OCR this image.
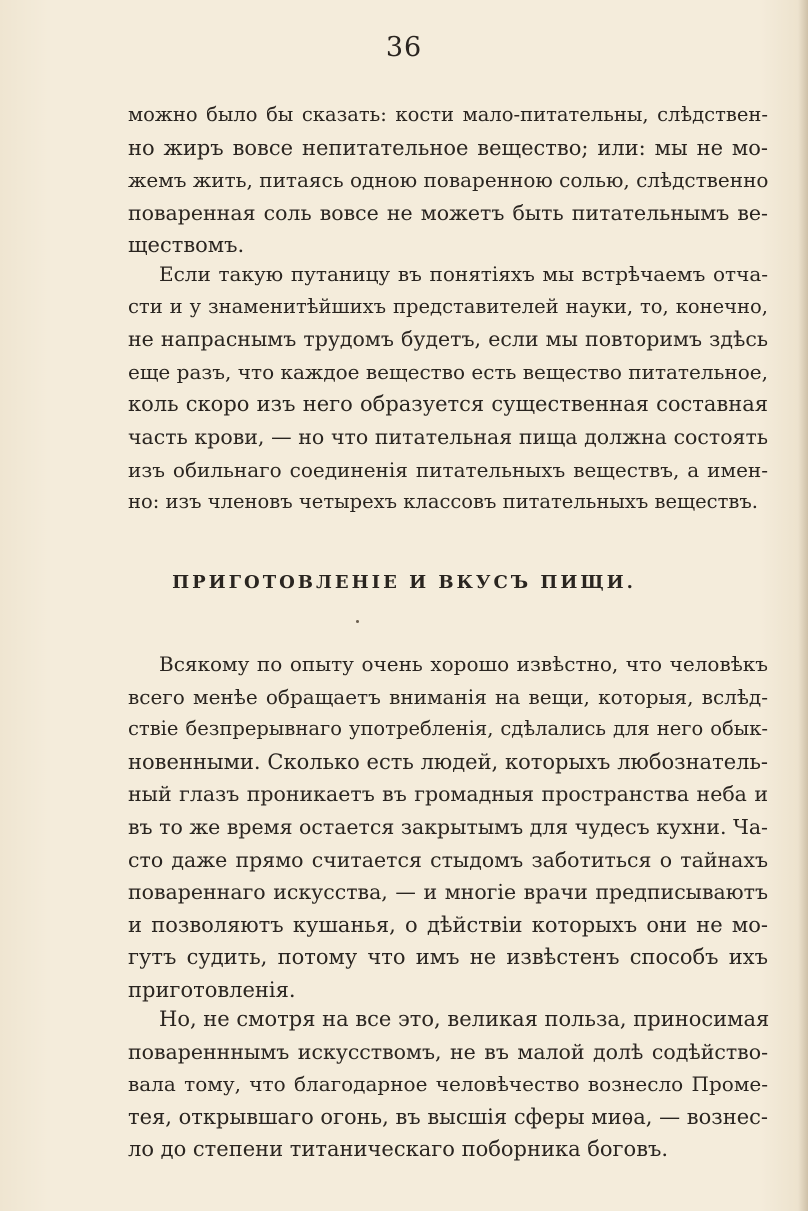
36
можно было бы сказать: кости мало-питательны, слѣдствен-
но жиръ вовсе непитательное вещество; или: мы не мо-
жемъ жить, питаясь одною поваренною солью, слѣдственно
поваренная соль вовсе не можетъ быть питательнымъ ве-
ществомъ.
Если такую путаницу въ понятіяхъ мы встрѣчаемъ отча-
сти и у знаменитѣйшихъ представителей науки, то, конечно,
не напраснымъ трудомъ будетъ, если мы повторимъ здѣсь
еще разъ, что каждое вещество есть вещество питательное,
коль скоро изъ него образуется существенная составная
часть крови, — но что питательная пища должна состоять
изъ обильнаго соединенія питательныхъ веществъ, а имен-
но: изъ членовъ четырехъ классовъ питательныхъ веществъ.
ПРИГОТОВЛЕНІЕ И ВКУСЪ ПИЩИ.
Всякому по опыту очень хорошо извѣстно, что человѣкъ
всего менѣе обращаетъ вниманія на вещи, которыя, вслѣд-
ствіе безпрерывнаго употребленія, сдѣлались для него обык-
новенными. Сколько есть людей, которыхъ любознатель-
ный глазъ проникаетъ въ громадныя пространства неба и
въ то же время остается закрытымъ для чудесъ кухни. Ча-
сто даже прямо считается стыдомъ заботиться о тайнахъ
повареннаго искусства, — и многіе врачи предписываютъ
и позволяютъ кушанья, о дѣйствіи которыхъ они не мо-
гутъ судить, потому что имъ не извѣстенъ способъ ихъ
приготовленія.
Но, не смотря на все это, великая польза, приносимая
поваренннымъ искусствомъ, не въ малой долѣ содѣйство-
вала тому, что благодарное человѣчество вознесло Проме-
тея, открывшаго огонь, въ высшія сферы миѳа, — вознес-
ло до степени титаническаго поборника боговъ.
